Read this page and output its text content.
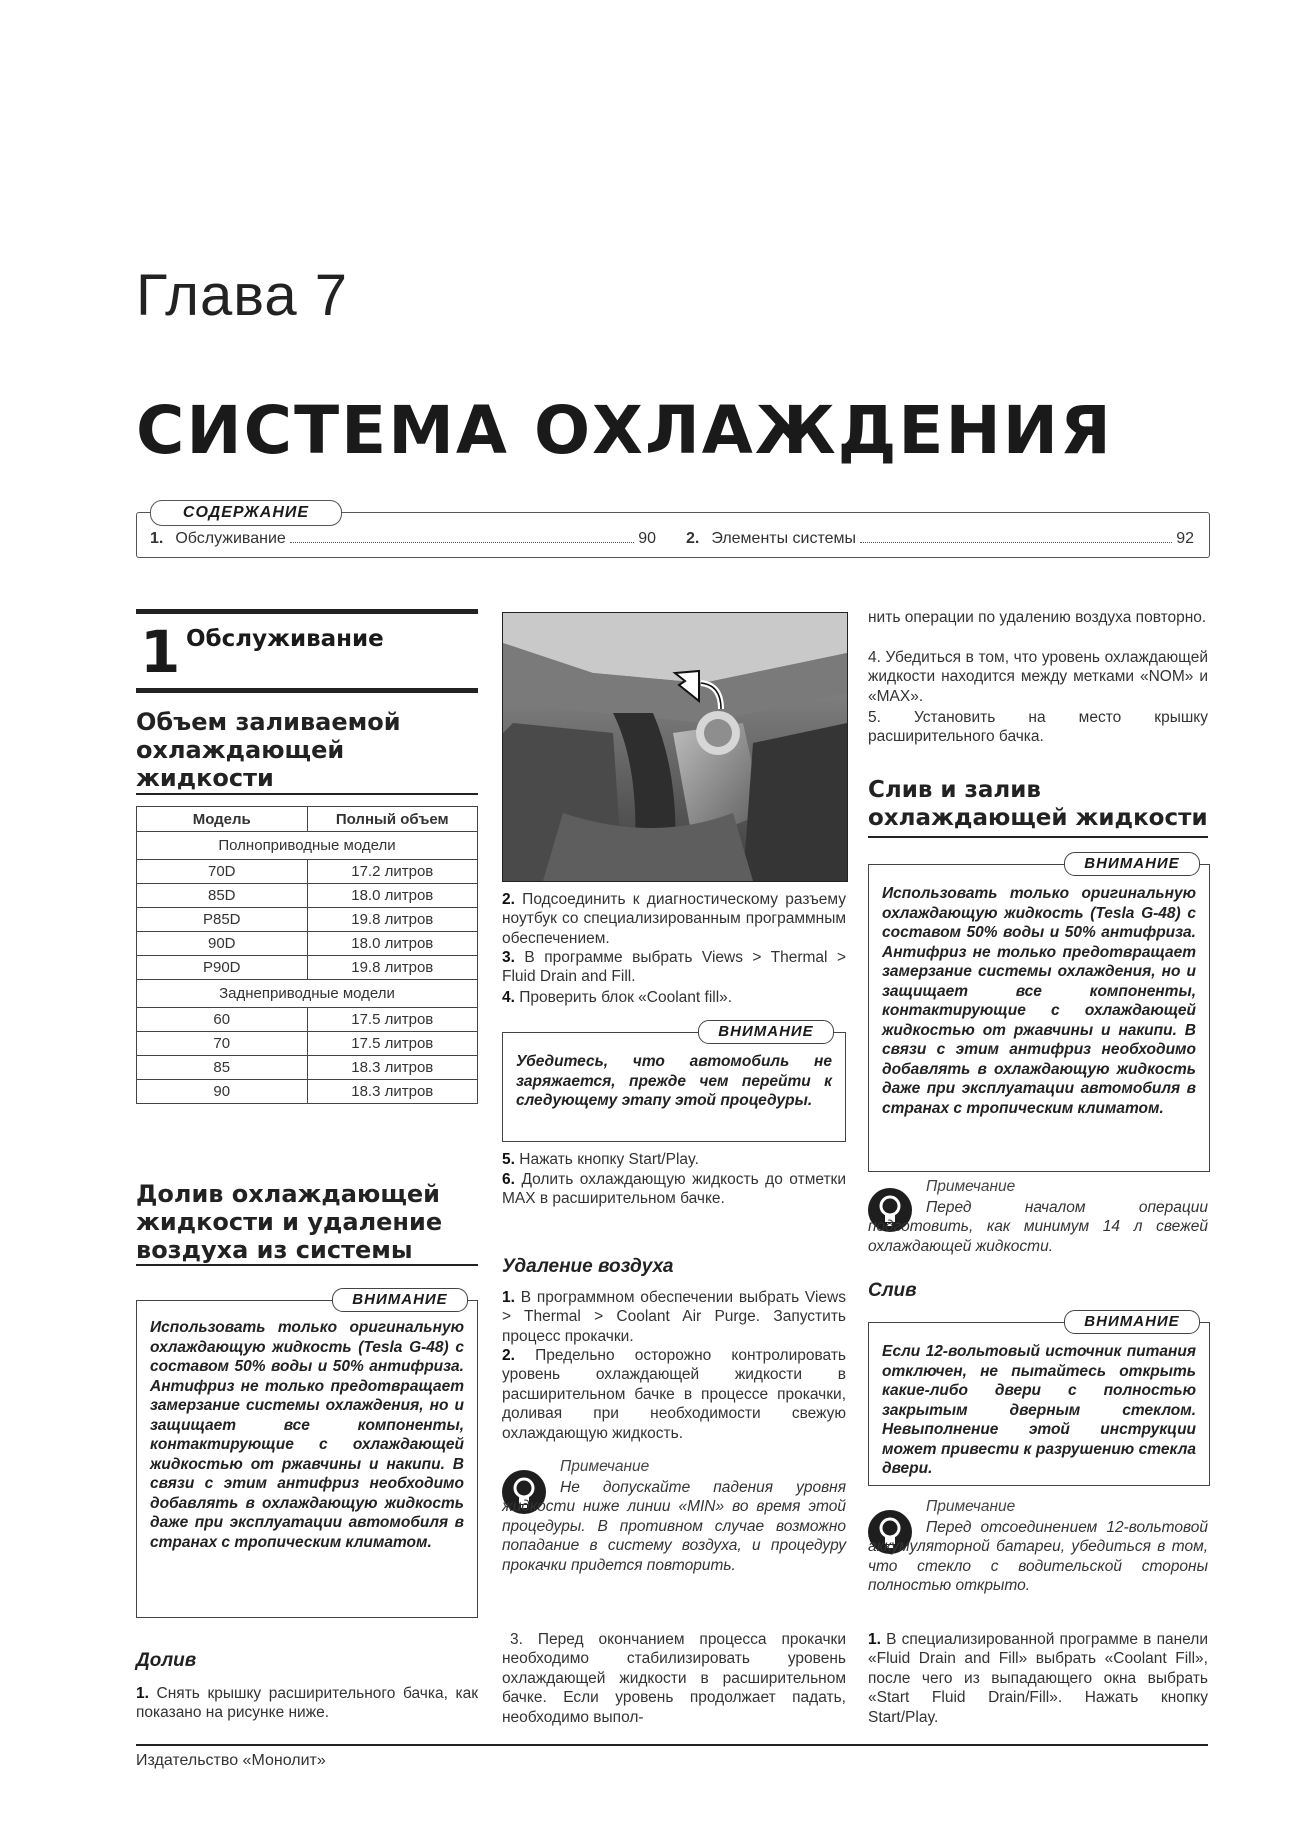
Глава 7
СИСТЕМА ОХЛАЖДЕНИЯ
СОДЕРЖАНИЕ
1. Обслуживание	90 2. Элементы системы	92
1 Обслуживание
Объем заливаемой
охлаждающей
жидкости
Модель	Полный объем
Полноприводные модели	
70D	17.2 литров
85D	18.0 литров
P85D	19.8 литров
90D	18.0 литров
P90D	19.8 литров
Заднеприводные модели	
60	17.5 литров
70	17.5 литров
85	18.3 литров
90	18.3 литров
Долив охлаждающей
жидкости и удаление
воздуха из системы
ВНИМАНИЕ
Использовать только оригинальную охлаждающую жидкость (Tesla G-48) с составом 50% воды и 50% антифриза. Антифриз не только предотвращает замерзание системы охлаждения, но и защищает все компоненты, контактирующие с охлаждающей жидкостью от ржавчины и накипи. В связи с этим антифриз необходимо добавлять в охлаждающую жидкость даже при эксплуатации автомобиля в странах с тропическим климатом.
Долив
1. Снять крышку расширительного бачка, как показано на рисунке ниже.
2. Подсоединить к диагностическому разъему ноутбук со специализированным программным обеспечением.
3. В программе выбрать Views > Thermal > Fluid Drain and Fill.
4. Проверить блок «Coolant fill».
ВНИМАНИЕ
Убедитесь, что автомобиль не заряжается, прежде чем перейти к следующему этапу этой процедуры.
5. Нажать кнопку Start/Play.
6. Долить охлаждающую жидкость до отметки MAX в расширительном бачке.
Удаление воздуха
1. В программном обеспечении выбрать Views > Thermal > Coolant Air Purge. Запустить процесс прокачки.
2. Предельно осторожно контролировать уровень охлаждающей жидкости в расширительном бачке в процессе прокачки, доливая при необходимости свежую охлаждающую жидкость.
Примечание
Не допускайте падения уровня жидкости ниже линии «MIN» во время этой процедуры. В противном случае возможно попадание в систему воздуха, и процедуру прокачки придется повторить.
3. Перед окончанием процесса прокачки необходимо стабилизировать уровень охлаждающей жидкости в расширительном бачке. Если уровень продолжает падать, необходимо выпол-
нить операции по удалению воздуха повторно.
4. Убедиться в том, что уровень охлаждающей жидкости находится между метками «NOM» и «MAX».
5. Установить на место крышку расширительного бачка.
Слив и залив
охлаждающей жидкости
ВНИМАНИЕ
Использовать только оригинальную охлаждающую жидкость (Tesla G-48) с составом 50% воды и 50% антифриза. Антифриз не только предотвращает замерзание системы охлаждения, но и защищает все компоненты, контактирующие с охлаждающей жидкостью от ржавчины и накипи. В связи с этим антифриз необходимо добавлять в охлаждающую жидкость даже при эксплуатации автомобиля в странах с тропическим климатом.
Примечание
Перед началом операции подготовить, как минимум 14 л свежей охлаждающей жидкости.
Слив
ВНИМАНИЕ
Если 12-вольтовый источник питания отключен, не пытайтесь открыть какие-либо двери с полностью закрытым дверным стеклом. Невыполнение этой инструкции может привести к разрушению стекла двери.
Примечание
Перед отсоединением 12-вольтовой аккумуляторной батареи, убедиться в том, что стекло с водительской стороны полностью открыто.
1. В специализированной программе в панели «Fluid Drain and Fill» выбрать «Coolant Fill», после чего из выпадающего окна выбрать «Start Fluid Drain/Fill». Нажать кнопку Start/Play.
Издательство «Монолит»
